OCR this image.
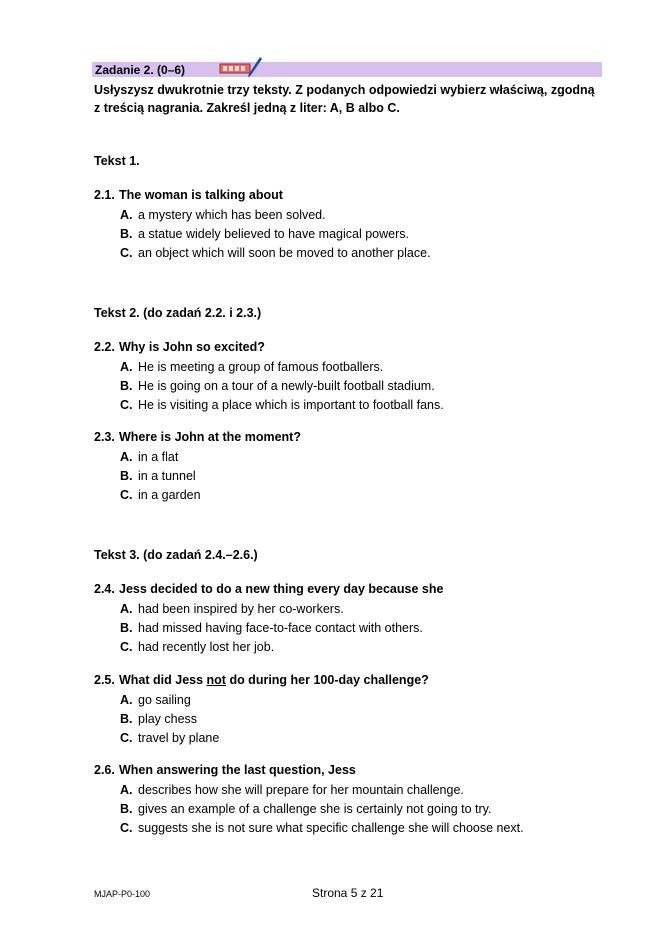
Zadanie 2. (0–6)
Usłyszysz dwukrotnie trzy teksty. Z podanych odpowiedzi wybierz właściwą, zgodną
z treścią nagrania. Zakreśl jedną z liter: A, B albo C.
Tekst 1.
2.1. The woman is talking about
A. a mystery which has been solved.
B. a statue widely believed to have magical powers.
C. an object which will soon be moved to another place.
Tekst 2. (do zadań 2.2. i 2.3.)
2.2. Why is John so excited?
A. He is meeting a group of famous footballers.
B. He is going on a tour of a newly-built football stadium.
C. He is visiting a place which is important to football fans.
2.3. Where is John at the moment?
A. in a flat
B. in a tunnel
C. in a garden
Tekst 3. (do zadań 2.4.–2.6.)
2.4. Jess decided to do a new thing every day because she
A. had been inspired by her co-workers.
B. had missed having face-to-face contact with others.
C. had recently lost her job.
2.5. What did Jess not do during her 100-day challenge?
A. go sailing
B. play chess
C. travel by plane
2.6. When answering the last question, Jess
A. describes how she will prepare for her mountain challenge.
B. gives an example of a challenge she is certainly not going to try.
C. suggests she is not sure what specific challenge she will choose next.
MJAP-P0-100	Strona 5 z 21
